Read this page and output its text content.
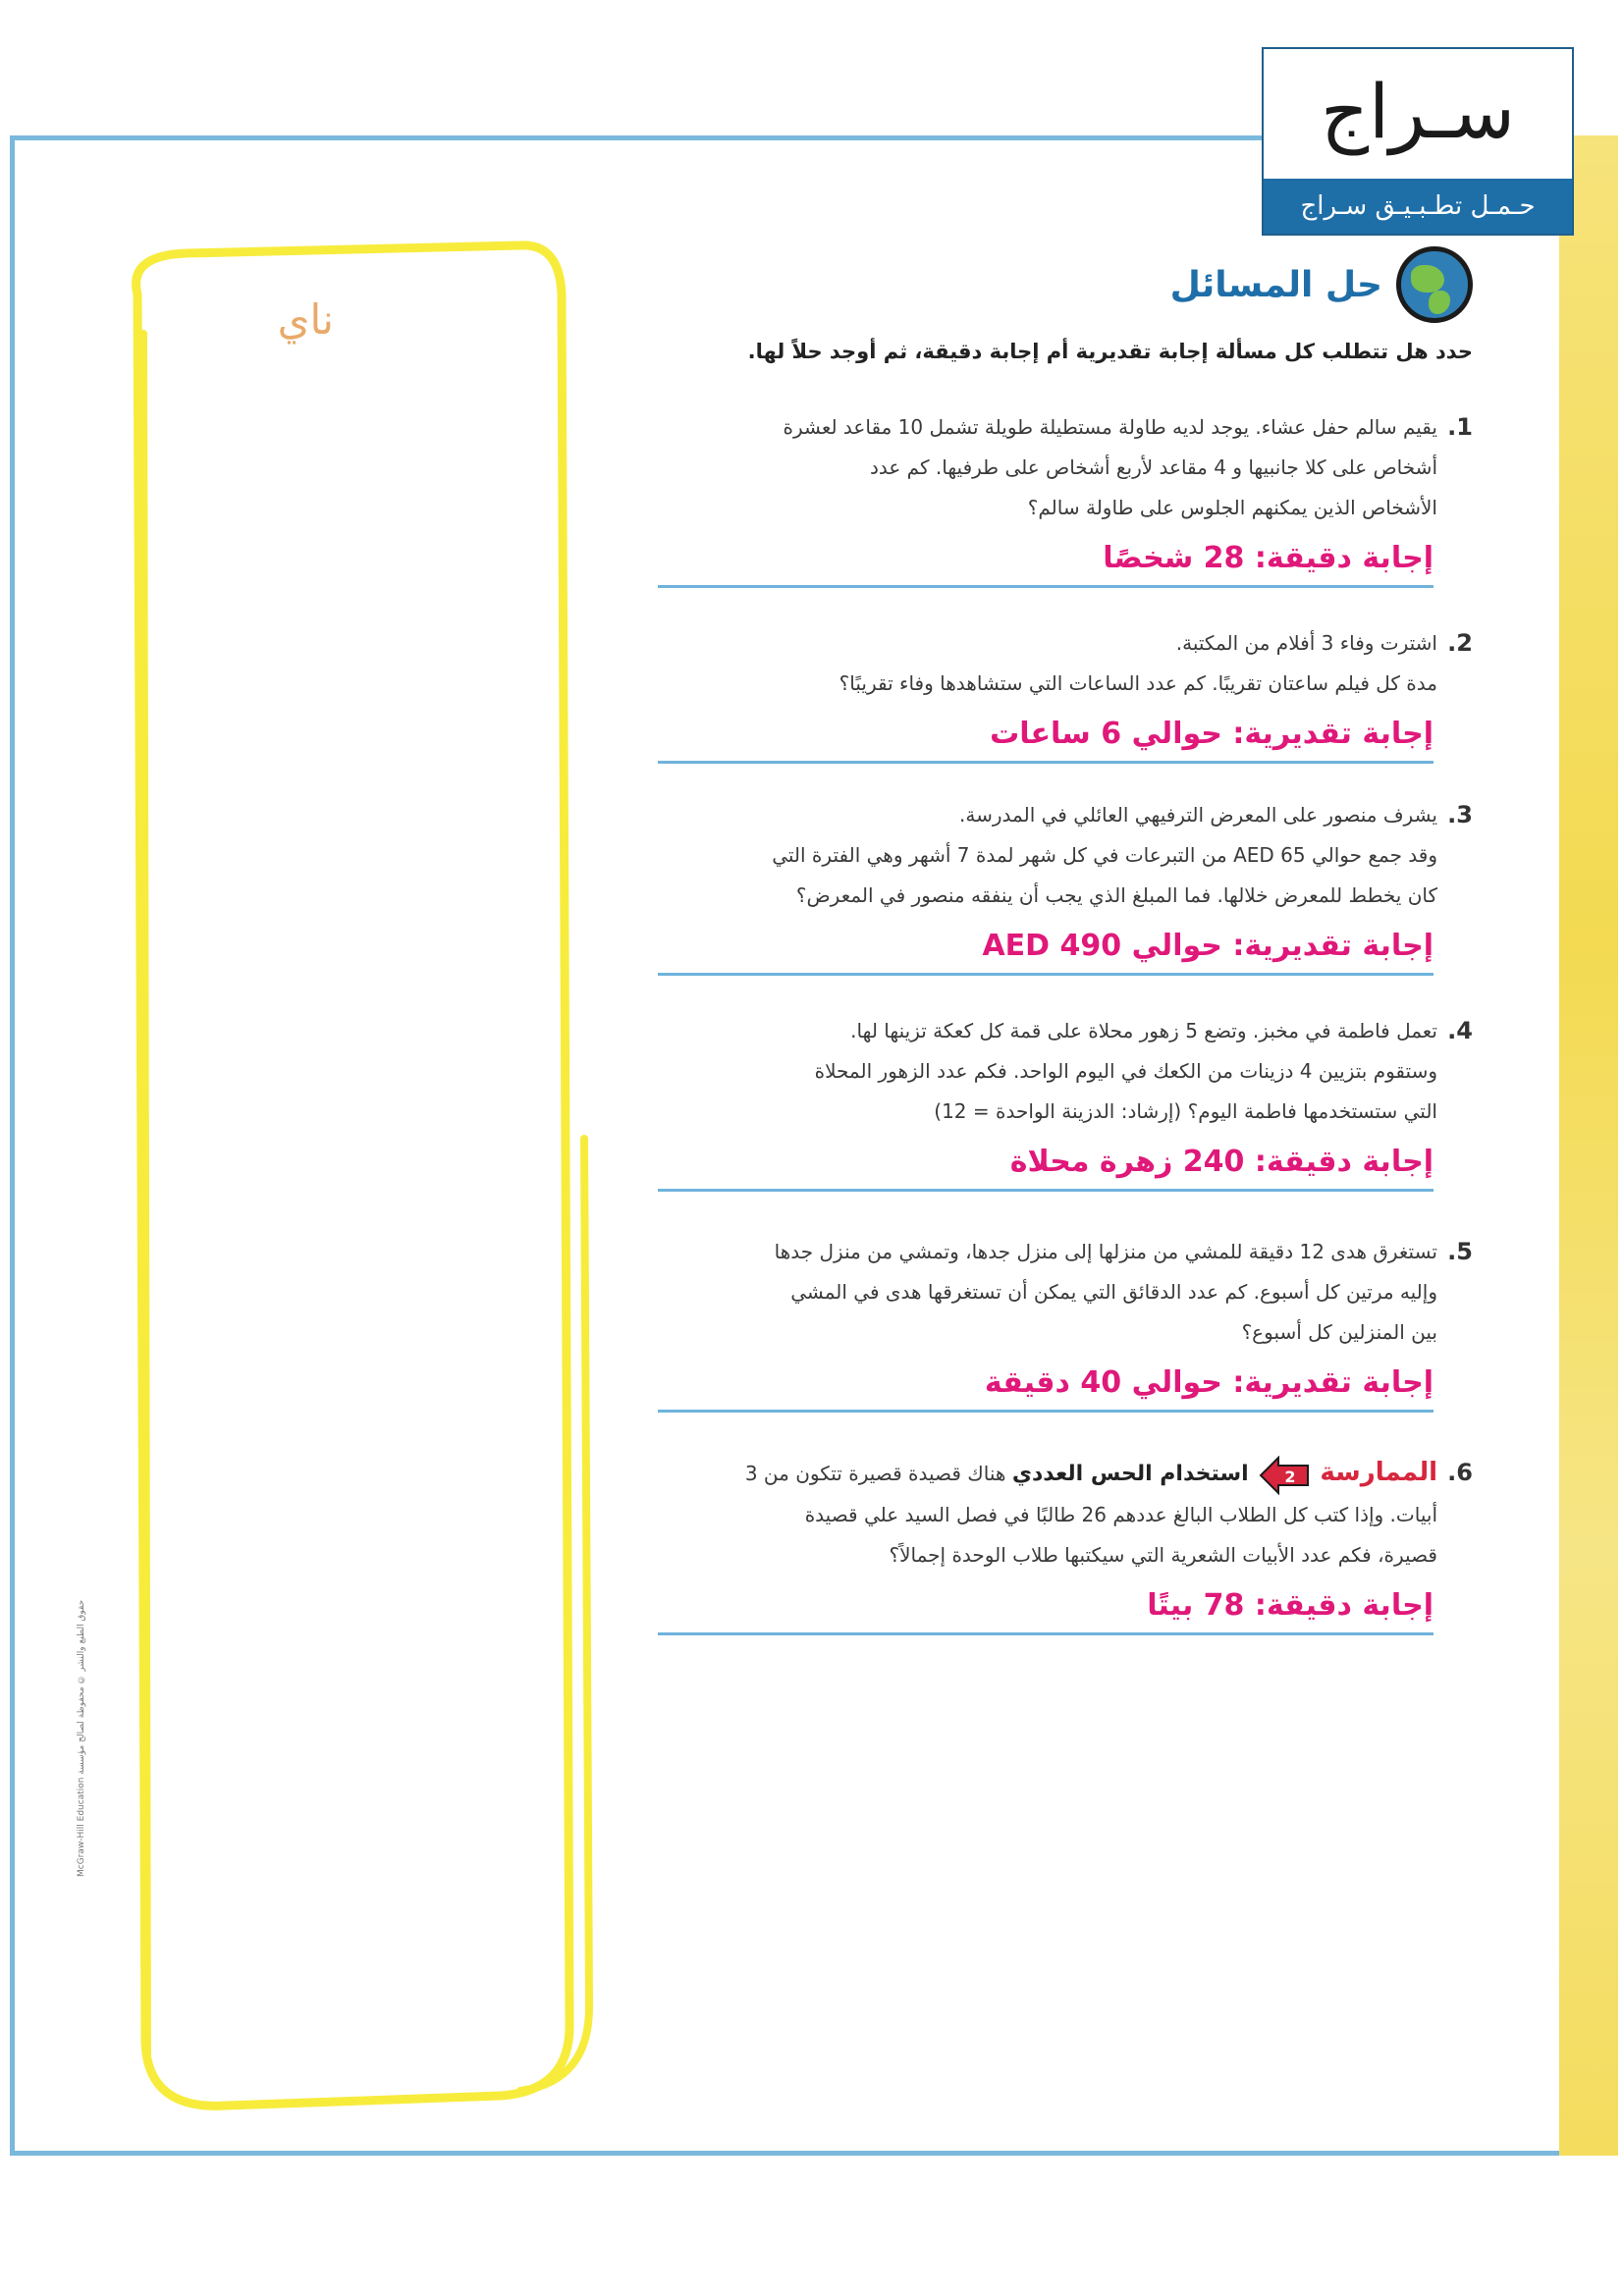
سـراج
حـمـل تطـبـيـق سـراج
ناي
حقوق الطبع والنشر © محفوظة لصالح مؤسسة McGraw-Hill Education
حل المسائل
حدد هل تتطلب كل مسألة إجابة تقديرية أم إجابة دقيقة، ثم أوجد حلاً لها.
1.
يقيم سالم حفل عشاء. يوجد لديه طاولة مستطيلة طويلة تشمل 10 مقاعد لعشرة
أشخاص على كلا جانبيها و 4 مقاعد لأربع أشخاص على طرفيها. كم عدد
الأشخاص الذين يمكنهم الجلوس على طاولة سالم؟
إجابة دقيقة: 28 شخصًا
2.
اشترت وفاء 3 أفلام من المكتبة.
مدة كل فيلم ساعتان تقريبًا. كم عدد الساعات التي ستشاهدها وفاء تقريبًا؟
إجابة تقديرية: حوالي 6 ساعات
3.
يشرف منصور على المعرض الترفيهي العائلي في المدرسة.
وقد جمع حوالي AED 65 من التبرعات في كل شهر لمدة 7 أشهر وهي الفترة التي
كان يخطط للمعرض خلالها. فما المبلغ الذي يجب أن ينفقه منصور في المعرض؟
إجابة تقديرية: حوالي AED 490
4.
تعمل فاطمة في مخبز. وتضع 5 زهور محلاة على قمة كل كعكة تزينها لها.
وستقوم بتزيين 4 دزينات من الكعك في اليوم الواحد. فكم عدد الزهور المحلاة
التي ستستخدمها فاطمة اليوم؟ (إرشاد: الدزينة الواحدة = 12)
إجابة دقيقة: 240 زهرة محلاة
5.
تستغرق هدى 12 دقيقة للمشي من منزلها إلى منزل جدها، وتمشي من منزل جدها
وإليه مرتين كل أسبوع. كم عدد الدقائق التي يمكن أن تستغرقها هدى في المشي
بين المنزلين كل أسبوع؟
إجابة تقديرية: حوالي 40 دقيقة
6.
الممارسة
2
استخدام الحس العددي هناك قصيدة قصيرة تتكون من 3
أبيات. وإذا كتب كل الطلاب البالغ عددهم 26 طالبًا في فصل السيد علي قصيدة
قصيرة، فكم عدد الأبيات الشعرية التي سيكتبها طلاب الوحدة إجمالاً؟
إجابة دقيقة: 78 بيتًا
